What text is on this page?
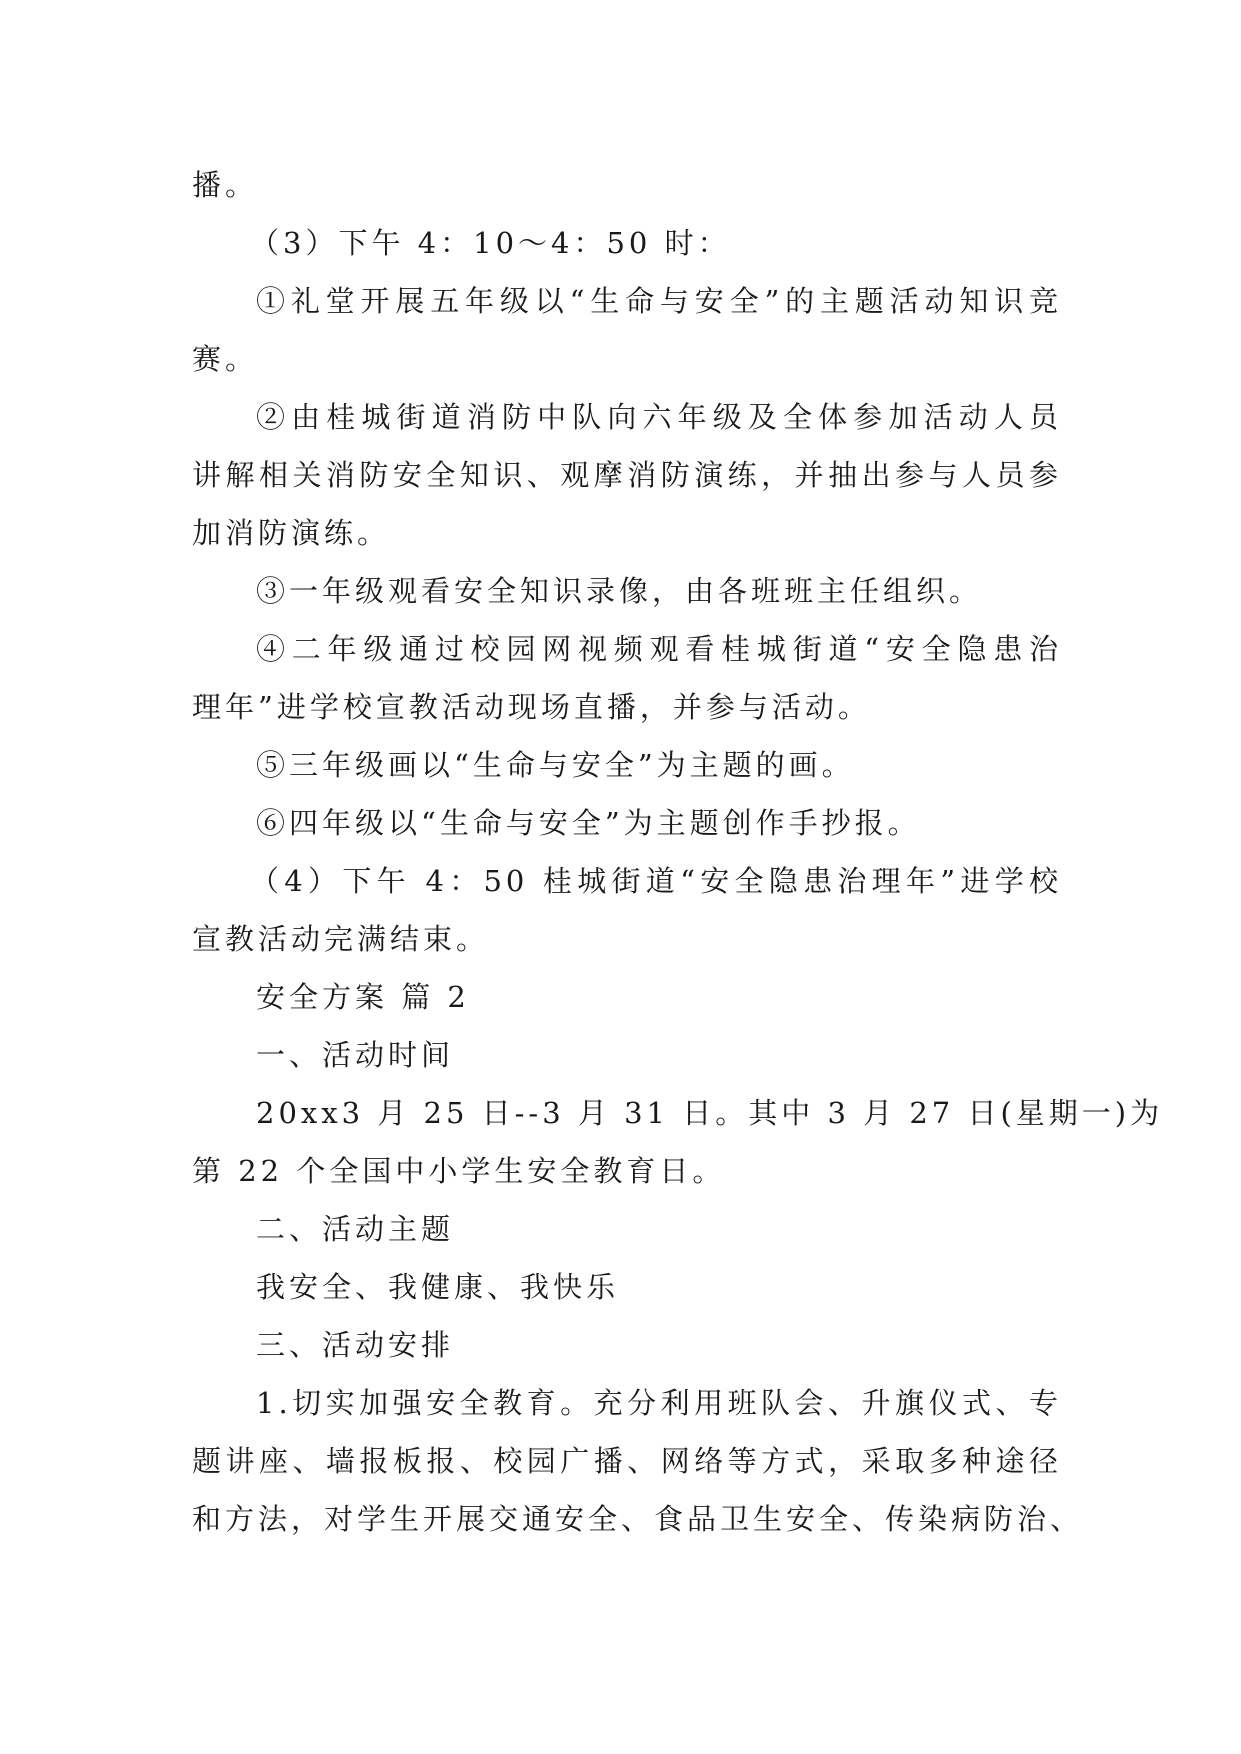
播。
（3）下午 4：10～4：50 时：
①礼堂开展五年级以“生命与安全”的主题活动知识竞
赛。
②由桂城街道消防中队向六年级及全体参加活动人员
讲解相关消防安全知识、观摩消防演练，并抽出参与人员参
加消防演练。
③一年级观看安全知识录像，由各班班主任组织。
④二年级通过校园网视频观看桂城街道“安全隐患治
理年”进学校宣教活动现场直播，并参与活动。
⑤三年级画以“生命与安全”为主题的画。
⑥四年级以“生命与安全”为主题创作手抄报。
（4）下午 4：50 桂城街道“安全隐患治理年”进学校
宣教活动完满结束。
安全方案 篇 2
一、活动时间
20xx3 月 25 日--3 月 31 日。其中 3 月 27 日(星期一)为
第 22 个全国中小学生安全教育日。
二、活动主题
我安全、我健康、我快乐
三、活动安排
1.切实加强安全教育。充分利用班队会、升旗仪式、专
题讲座、墙报板报、校园广播、网络等方式，采取多种途径
和方法，对学生开展交通安全、食品卫生安全、传染病防治、
